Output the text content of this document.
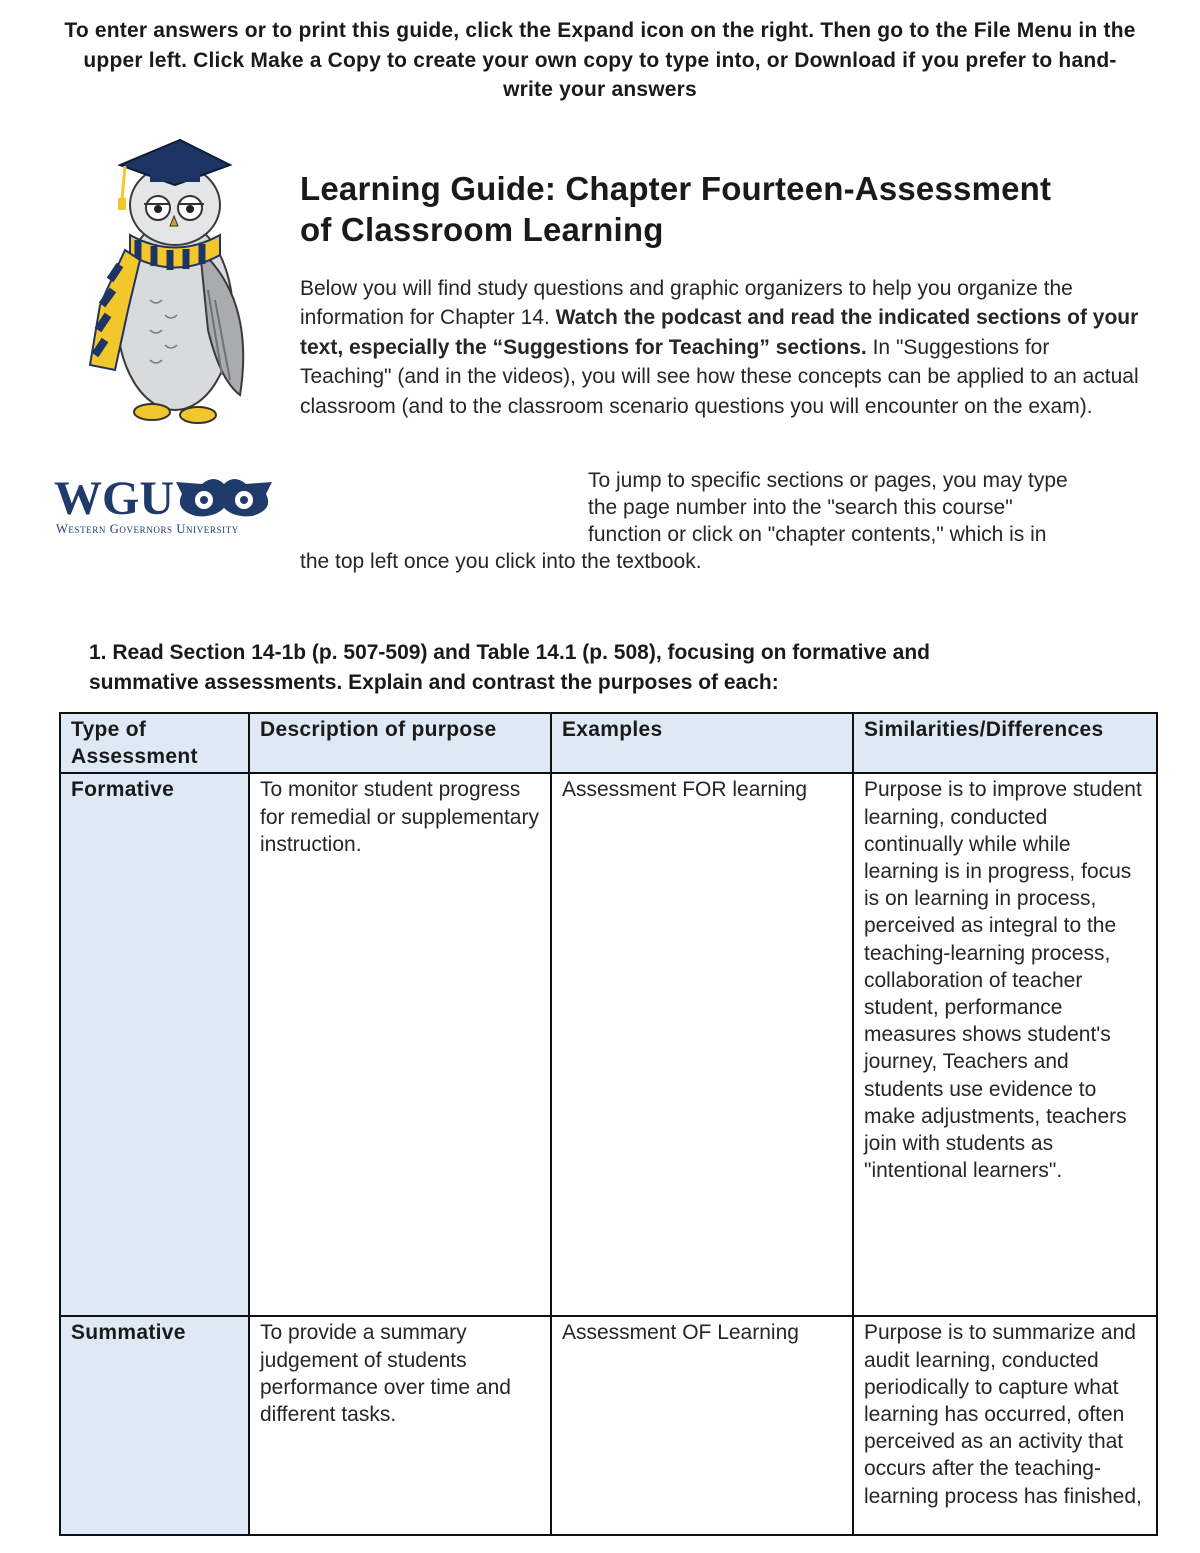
To enter answers or to print this guide, click the Expand icon on the right. Then go to the File Menu in the upper left. Click Make a Copy to create your own copy to type into, or Download if you prefer to hand-write your answers
WGU
Western Governors University
Learning Guide: Chapter Fourteen-Assessment
of Classroom Learning
Below you will find study questions and graphic organizers to help you organize the information for Chapter 14. Watch the podcast and read the indicated sections of your text, especially the “Suggestions for Teaching” sections. In "Suggestions for Teaching" (and in the videos), you will see how these concepts can be applied to an actual classroom (and to the classroom scenario questions you will encounter on the exam).
To jump to specific sections or pages, you may type
the page number into the "search this course"
function or click on "chapter contents," which is in
the top left once you click into the textbook.
1. Read Section 14-1b (p. 507-509) and Table 14.1 (p. 508), focusing on formative and
summative assessments. Explain and contrast the purposes of each:
Type of Assessment	Description of purpose	Examples	Similarities/Differences
Formative	To monitor student progress for remedial or supplementary instruction.	Assessment FOR learning	Purpose is to improve student learning, conducted continually while while learning is in progress, focus is on learning in process, perceived as integral to the teaching-learning process, collaboration of teacher student, performance measures shows student's journey, Teachers and students use evidence to make adjustments, teachers join with students as "intentional learners".
Summative	To provide a summary judgement of students performance over time and different tasks.	Assessment OF Learning	Purpose is to summarize and audit learning, conducted periodically to capture what learning has occurred, often perceived as an activity that occurs after the teaching-learning process has finished,
